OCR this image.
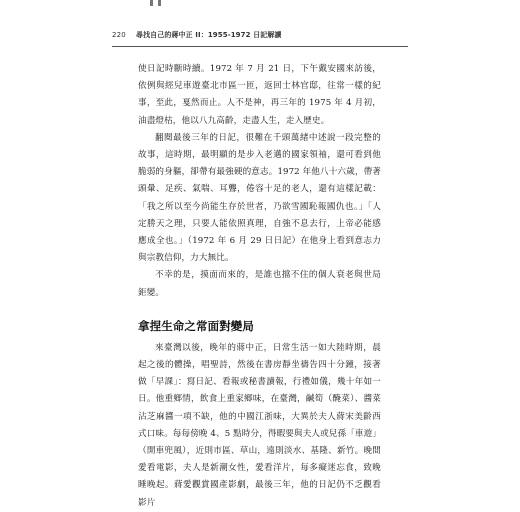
220 尋找自己的蔣中正 II：1955-1972 日記解讀

使日記時斷時續。1972 年 7 月 21 日，下午戴安國來訪後，依例與經兒車遊臺北市區一匝，返回士林官邸，往常一樣的紀事，至此，戛然而止。人不是神，再三年的 1975 年 4 月初，油盡燈枯，他以八九高齡，走盡人生，走入歷史。

翻閱最後三年的日記，很難在千頭萬緒中述說一段完整的故事，這時期，最明顯的是步入老邁的國家領袖，還可看到他脆弱的身軀，卻帶有最強硬的意志。1972 年他八十六歲，帶著頭暈、足疾、氣喘、耳聾，倦容十足的老人，還有這樣記載：「我之所以至今尚能生存於世者，乃欲雪國恥報國仇也。」「人定勝天之理，只要人能依照真理，自強不息去行，上帝必能感應成全也。」（1972 年 6 月 29 日日記）在他身上看到意志力與宗教信仰，力大無比。

不幸的是，摸面而來的，是誰也擋不住的個人衰老與世局鉅變。

拿捏生命之常面對變局

來臺灣以後，晚年的蔣中正，日常生活一如大陸時期，晨起之後的體操，唱聖詩，然後在書房靜坐禱告四十分鐘，接著做「早課」：寫日記、看報或秘書讀報，行禮如儀，幾十年如一日。他重鄉情，飲食上重家鄉味，在臺灣，鹹筍（醃菜）、醬菜沾芝麻醬一項不缺，他的中國江浙味，大異於夫人蔣宋美齡西式口味。每每傍晚 4、5 點時分，得暇要與夫人或兒孫「車遊」（開車兜風），近則市區、草山，遠則淡水、基隆、新竹。晚間愛看電影，夫人是新潮女性，愛看洋片，每多癡迷忘食，致晚睡晚起。蔣愛觀賞國產影劇，最後三年，他的日記仍不乏觀看影片
